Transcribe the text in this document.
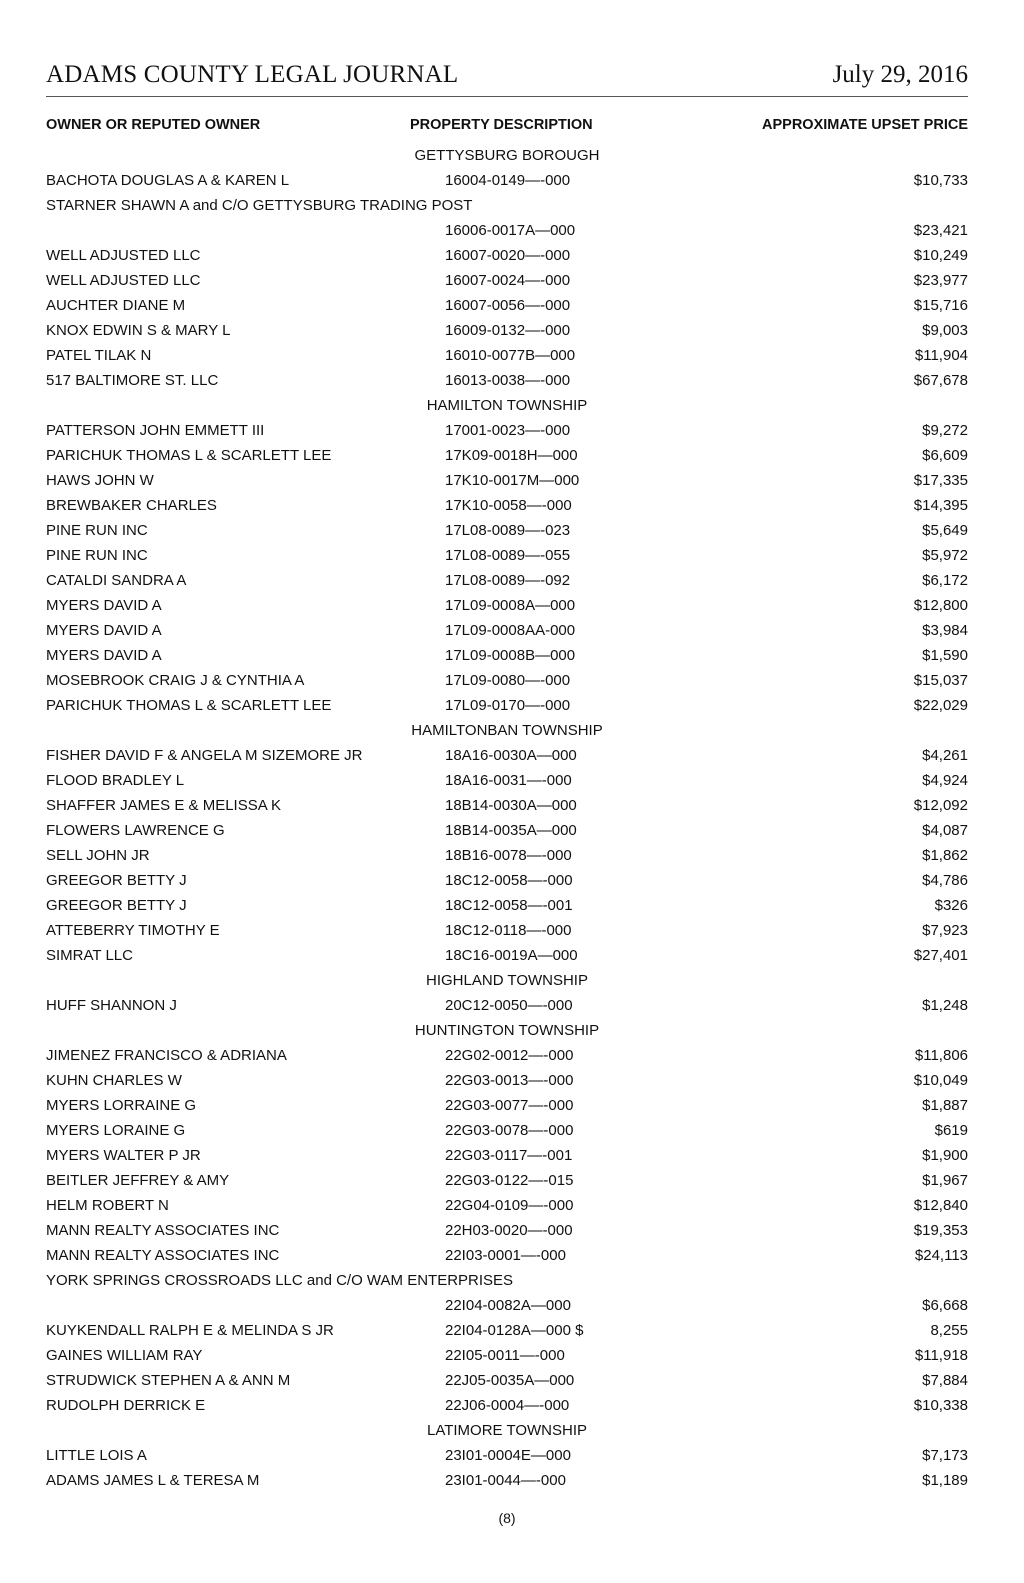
ADAMS COUNTY LEGAL JOURNAL	July 29, 2016
OWNER OR REPUTED OWNER	PROPERTY DESCRIPTION	APPROXIMATE UPSET PRICE
GETTYSBURG BOROUGH
BACHOTA DOUGLAS A & KAREN L	16004-0149—-000	$10,733
STARNER SHAWN A and C/O GETTYSBURG TRADING POST
16006-0017A—000	$23,421
WELL ADJUSTED LLC	16007-0020—-000	$10,249
WELL ADJUSTED LLC	16007-0024—-000	$23,977
AUCHTER DIANE M	16007-0056—-000	$15,716
KNOX EDWIN S & MARY L	16009-0132—-000	$9,003
PATEL TILAK N	16010-0077B—000	$11,904
517 BALTIMORE ST. LLC	16013-0038—-000	$67,678
HAMILTON TOWNSHIP
PATTERSON JOHN EMMETT III	17001-0023—-000	$9,272
PARICHUK THOMAS L & SCARLETT LEE	17K09-0018H—000	$6,609
HAWS JOHN W	17K10-0017M—000	$17,335
BREWBAKER CHARLES	17K10-0058—-000	$14,395
PINE RUN INC	17L08-0089—-023	$5,649
PINE RUN INC	17L08-0089—-055	$5,972
CATALDI SANDRA A	17L08-0089—-092	$6,172
MYERS DAVID A	17L09-0008A—000	$12,800
MYERS DAVID A	17L09-0008AA-000	$3,984
MYERS DAVID A	17L09-0008B—000	$1,590
MOSEBROOK CRAIG J & CYNTHIA A	17L09-0080—-000	$15,037
PARICHUK THOMAS L & SCARLETT LEE	17L09-0170—-000	$22,029
HAMILTONBAN TOWNSHIP
FISHER DAVID F & ANGELA M SIZEMORE JR	18A16-0030A—000	$4,261
FLOOD BRADLEY L	18A16-0031—-000	$4,924
SHAFFER JAMES E & MELISSA K	18B14-0030A—000	$12,092
FLOWERS LAWRENCE G	18B14-0035A—000	$4,087
SELL JOHN JR	18B16-0078—-000	$1,862
GREEGOR BETTY J	18C12-0058—-000	$4,786
GREEGOR BETTY J	18C12-0058—-001	$326
ATTEBERRY TIMOTHY E	18C12-0118—-000	$7,923
SIMRAT LLC	18C16-0019A—000	$27,401
HIGHLAND TOWNSHIP
HUFF SHANNON J	20C12-0050—-000	$1,248
HUNTINGTON TOWNSHIP
JIMENEZ FRANCISCO & ADRIANA	22G02-0012—-000	$11,806
KUHN CHARLES W	22G03-0013—-000	$10,049
MYERS LORRAINE G	22G03-0077—-000	$1,887
MYERS LORAINE G	22G03-0078—-000	$619
MYERS WALTER P JR	22G03-0117—-001	$1,900
BEITLER JEFFREY & AMY	22G03-0122—-015	$1,967
HELM ROBERT N	22G04-0109—-000	$12,840
MANN REALTY ASSOCIATES INC	22H03-0020—-000	$19,353
MANN REALTY ASSOCIATES INC	22I03-0001—-000	$24,113
YORK SPRINGS CROSSROADS LLC and C/O WAM ENTERPRISES
22I04-0082A—000	$6,668
KUYKENDALL RALPH E & MELINDA S JR	22I04-0128A—000 $	8,255
GAINES WILLIAM RAY	22I05-0011—-000	$11,918
STRUDWICK STEPHEN A & ANN M	22J05-0035A—000	$7,884
RUDOLPH DERRICK E	22J06-0004—-000	$10,338
LATIMORE TOWNSHIP
LITTLE LOIS A	23I01-0004E—000	$7,173
ADAMS JAMES L & TERESA M	23I01-0044—-000	$1,189
(8)
